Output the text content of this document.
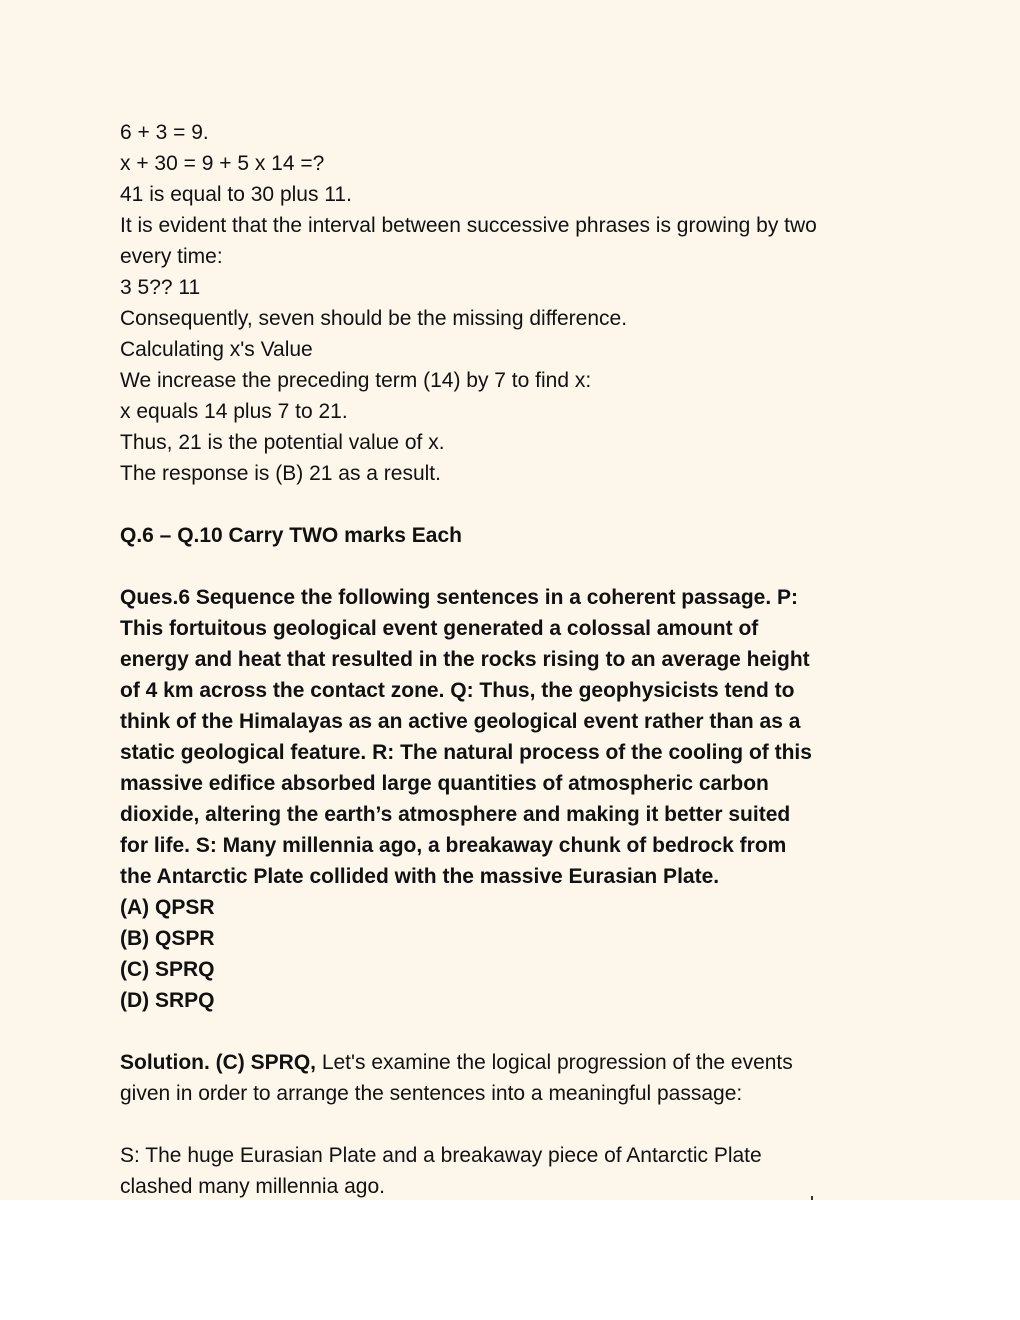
6 + 3 = 9.
x + 30 = 9 + 5 x 14 =?
41 is equal to 30 plus 11.
It is evident that the interval between successive phrases is growing by two
every time:
3 5?? 11
Consequently, seven should be the missing difference.
Calculating x's Value
We increase the preceding term (14) by 7 to find x:
x equals 14 plus 7 to 21.
Thus, 21 is the potential value of x.
The response is (B) 21 as a result.
Q.6 – Q.10 Carry TWO marks Each
Ques.6 Sequence the following sentences in a coherent passage. P:
This fortuitous geological event generated a colossal amount of
energy and heat that resulted in the rocks rising to an average height
of 4 km across the contact zone. Q: Thus, the geophysicists tend to
think of the Himalayas as an active geological event rather than as a
static geological feature. R: The natural process of the cooling of this
massive edifice absorbed large quantities of atmospheric carbon
dioxide, altering the earth’s atmosphere and making it better suited
for life. S: Many millennia ago, a breakaway chunk of bedrock from
the Antarctic Plate collided with the massive Eurasian Plate.
(A) QPSR
(B) QSPR
(C) SPRQ
(D) SRPQ
Solution. (C) SPRQ, Let's examine the logical progression of the events
given in order to arrange the sentences into a meaningful passage:
S: The huge Eurasian Plate and a breakaway piece of Antarctic Plate
clashed many millennia ago.
